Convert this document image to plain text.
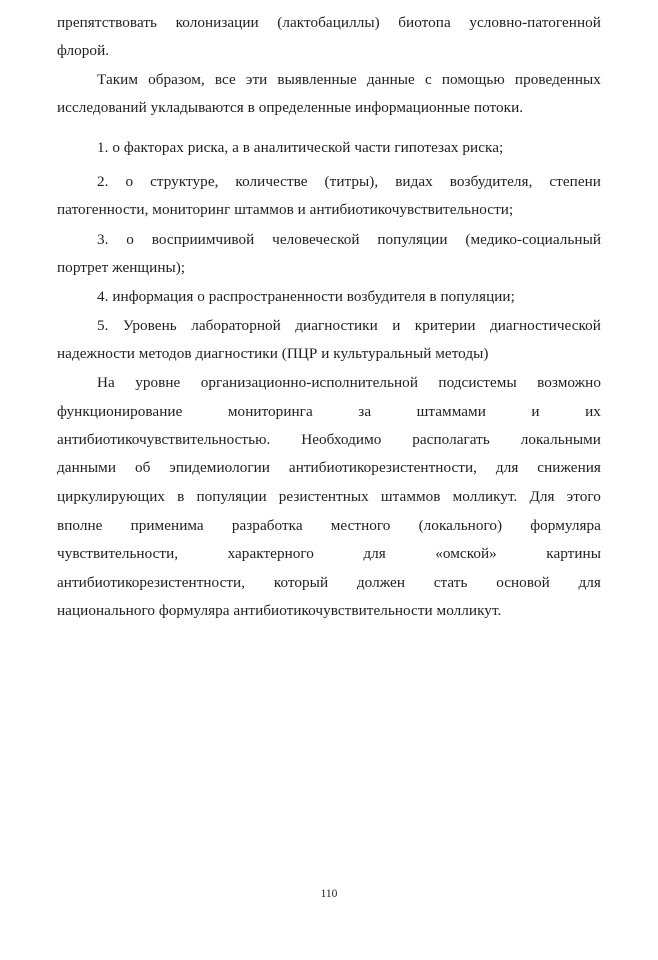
препятствовать колонизации (лактобациллы) биотопа условно-патогенной
флорой.
Таким образом, все эти выявленные данные с помощью проведенных
исследований укладываются в определенные информационные потоки.
1. о факторах риска, а в аналитической части гипотезах риска;
2. о структуре, количестве (титры), видах возбудителя, степени
патогенности, мониторинг штаммов и антибиотикочувствительности;
3. о восприимчивой человеческой популяции (медико-социальный
портрет женщины);
4. информация о распространенности возбудителя в популяции;
5. Уровень лабораторной диагностики и критерии диагностической
надежности методов диагностики (ПЦР и культуральный методы)
На уровне организационно-исполнительной подсистемы возможно
функционирование	мониторинга	за	штаммами	и	их
антибиотикочувствительностью. Необходимо располагать локальными
данными об эпидемиологии антибиотикорезистентности, для снижения
циркулирующих в популяции резистентных штаммов молликут. Для этого
вполне применима разработка местного (локального) формуляра
чувствительности,	характерного	для	«омской»	картины
антибиотикорезистентности, который должен стать основой для
национального формуляра антибиотикочувствительности молликут.
110
